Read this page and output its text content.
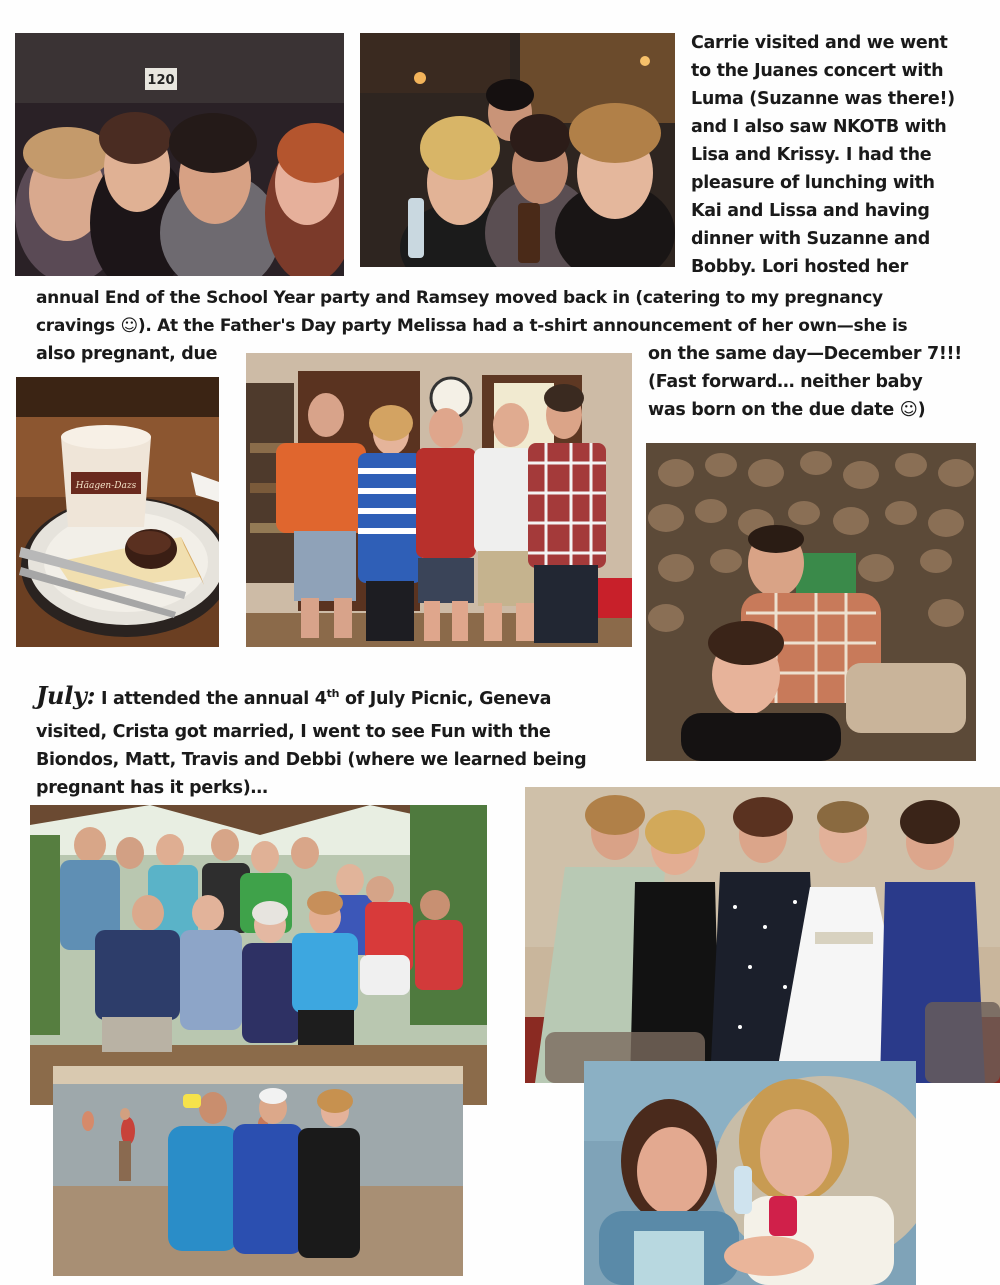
120
Carrie visited and we went
to the Juanes concert with
Luma (Suzanne was there!)
and I also saw NKOTB with
Lisa and Krissy. I had the
pleasure of lunching with
Kai and Lissa and having
dinner with Suzanne and
Bobby. Lori hosted her
annual End of the School Year party and Ramsey moved back in (catering to my pregnancy
cravings ☺). At the Father's Day party Melissa had a t-shirt announcement of her own—she is
also pregnant, due	on the same day—December 7!!!
(Fast forward… neither baby
was born on the due date ☺)
Häagen-Dazs
July: I attended the annual 4th of July Picnic, Geneva
visited, Crista got married, I went to see Fun with the
Biondos, Matt, Travis and Debbi (where we learned being
pregnant has it perks)…
